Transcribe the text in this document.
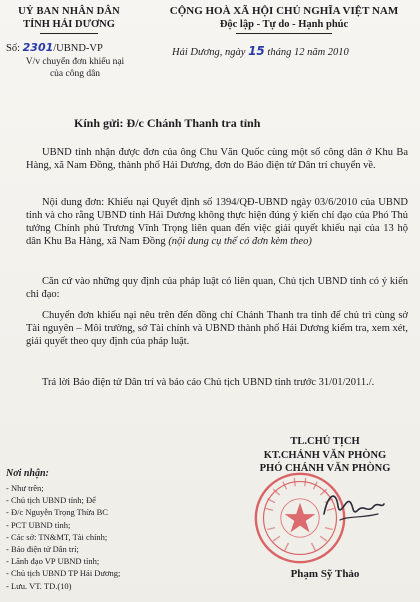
UỶ BAN NHÂN DÂN
TỈNH HẢI DƯƠNG
CỘNG HOÀ XÃ HỘI CHỦ NGHĨA VIỆT NAM
Độc lập - Tự do - Hạnh phúc
Số: 2301/UBND-VP
V/v chuyển đơn khiếu nại
của công dân
Hải Dương, ngày 15 tháng 12 năm 2010
Kính gửi: Đ/c Chánh Thanh tra tỉnh
UBND tỉnh nhận được đơn của ông Chu Văn Quốc cùng một số công dân ở Khu Ba Hàng, xã Nam Đồng, thành phố Hải Dương, đơn do Báo điện tử Dân trí chuyển về.
Nội dung đơn: Khiếu nại Quyết định số 1394/QĐ-UBND ngày 03/6/2010 của UBND tỉnh và cho rằng UBND tỉnh Hải Dương không thực hiện đúng ý kiến chỉ đạo của Phó Thủ tướng Chính phủ Trương Vĩnh Trọng liên quan đến việc giải quyết khiếu nại của 13 hộ dân Khu Ba Hàng, xã Nam Đồng (nội dung cụ thể có đơn kèm theo)
Căn cứ vào những quy định của pháp luật có liên quan, Chủ tịch UBND tỉnh có ý kiến chỉ đạo:
Chuyển đơn khiếu nại nêu trên đến đồng chí Chánh Thanh tra tỉnh để chủ trì cùng sở Tài nguyên – Môi trường, sở Tài chính và UBND thành phố Hải Dương kiểm tra, xem xét, giải quyết theo quy định của pháp luật.
Trả lời Báo điện tử Dân trí và báo cáo Chủ tịch UBND tỉnh trước 31/01/2011./.
Nơi nhận:
- Như trên;
- Chủ tịch UBND tỉnh; Để
- Đ/c Nguyễn Trọng Thừa BC
- PCT UBND tỉnh;
- Các sở: TN&MT, Tài chính;
- Báo điện tử Dân trí;
- Lãnh đạo VP UBND tỉnh;
- Chủ tịch UBND TP Hải Dương;
- Lưu. VT. TD.(10)
TL.CHỦ TỊCH
KT.CHÁNH VĂN PHÒNG
PHÓ CHÁNH VĂN PHÒNG
Phạm Sỹ Thảo
